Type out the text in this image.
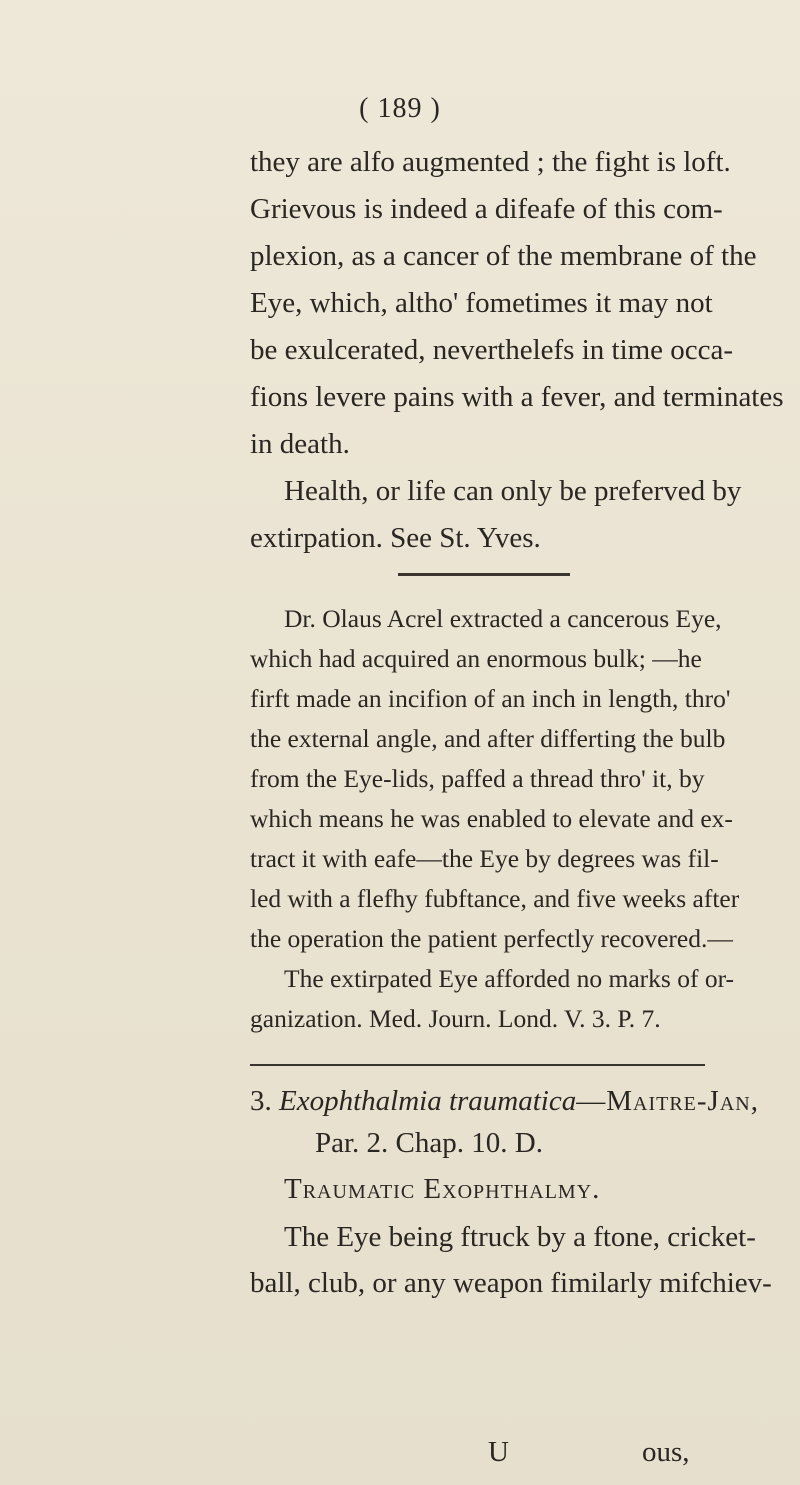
( 189 )
they are alfo augmented ; the fight is loft.
Grievous is indeed a difeafe of this com-
plexion, as a cancer of the membrane of the
Eye, which, altho' fometimes it may not
be exulcerated, neverthelefs in time occa-
fions levere pains with a fever, and terminates
in death.
Health, or life can only be preferved by
extirpation. See St. Yves.
Dr. Olaus Acrel extracted a cancerous Eye,
which had acquired an enormous bulk; —he
firft made an incifion of an inch in length, thro'
the external angle, and after differting the bulb
from the Eye-lids, paffed a thread thro' it, by
which means he was enabled to elevate and ex-
tract it with eafe—the Eye by degrees was fil-
led with a flefhy fubftance, and five weeks after
the operation the patient perfectly recovered.—
The extirpated Eye afforded no marks of or-
ganization. Med. Journ. Lond. V. 3. P. 7.
3. Exophthalmia traumatica—Maitre-Jan,
Par. 2. Chap. 10. D.
Traumatic Exophthalmy.
The Eye being ftruck by a ftone, cricket-
ball, club, or any weapon fimilarly mifchiev-
U	ous,
